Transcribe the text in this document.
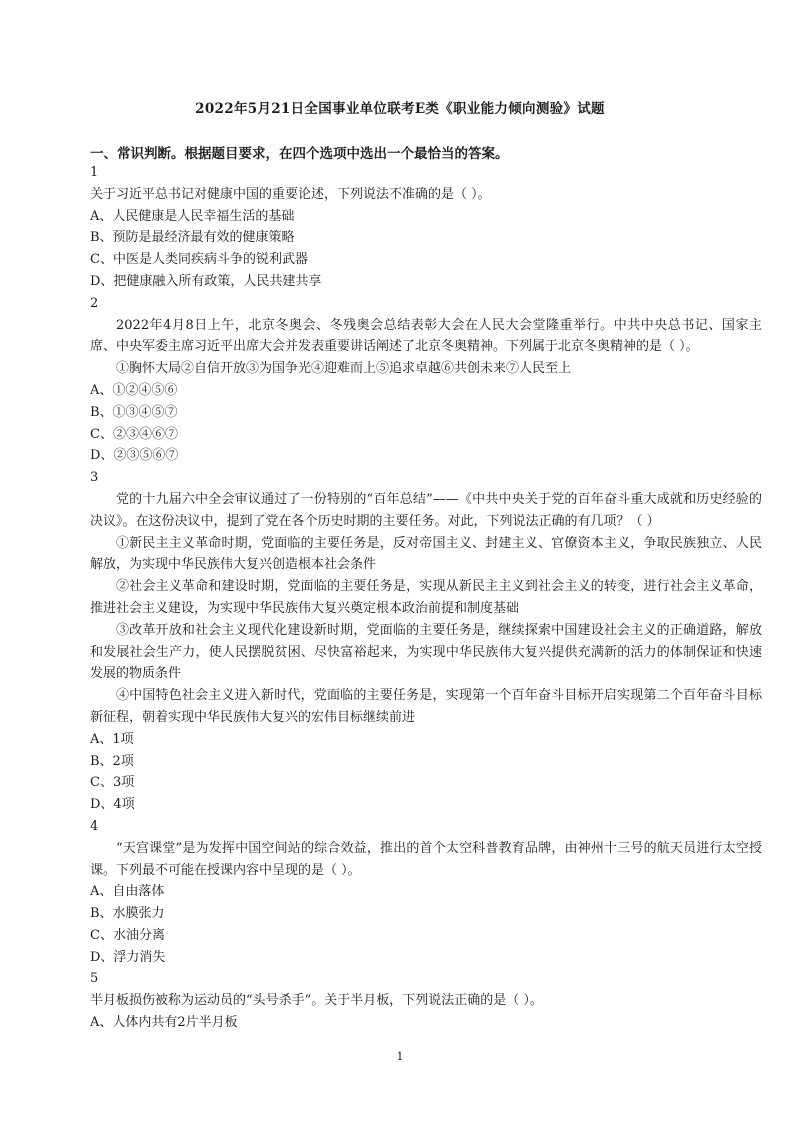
2022年5月21日全国事业单位联考E类《职业能力倾向测验》试题
一、常识判断。根据题目要求，在四个选项中选出一个最恰当的答案。
1
关于习近平总书记对健康中国的重要论述，下列说法不准确的是（ ）。
A、人民健康是人民幸福生活的基础
B、预防是最经济最有效的健康策略
C、中医是人类同疾病斗争的锐利武器
D、把健康融入所有政策，人民共建共享
2
2022年4月8日上午，北京冬奥会、冬残奥会总结表彰大会在人民大会堂隆重举行。中共中央总书记、国家主席、中央军委主席习近平出席大会并发表重要讲话阐述了北京冬奥精神。下列属于北京冬奥精神的是（ ）。
①胸怀大局②自信开放③为国争光④迎难而上⑤追求卓越⑥共创未来⑦人民至上
A、①②④⑤⑥
B、①③④⑤⑦
C、②③④⑥⑦
D、②③⑤⑥⑦
3
党的十九届六中全会审议通过了一份特别的“百年总结”——《中共中央关于党的百年奋斗重大成就和历史经验的决议》。在这份决议中，提到了党在各个历史时期的主要任务。对此，下列说法正确的有几项？（ ）
①新民主主义革命时期，党面临的主要任务是，反对帝国主义、封建主义、官僚资本主义，争取民族独立、人民解放，为实现中华民族伟大复兴创造根本社会条件
②社会主义革命和建设时期，党面临的主要任务是，实现从新民主主义到社会主义的转变，进行社会主义革命，推进社会主义建设，为实现中华民族伟大复兴奠定根本政治前提和制度基础
③改革开放和社会主义现代化建设新时期，党面临的主要任务是，继续探索中国建设社会主义的正确道路，解放和发展社会生产力，使人民摆脱贫困、尽快富裕起来，为实现中华民族伟大复兴提供充满新的活力的体制保证和快速发展的物质条件
④中国特色社会主义进入新时代，党面临的主要任务是，实现第一个百年奋斗目标开启实现第二个百年奋斗目标新征程，朝着实现中华民族伟大复兴的宏伟目标继续前进
A、1项
B、2项
C、3项
D、4项
4
“天宫课堂”是为发挥中国空间站的综合效益，推出的首个太空科普教育品牌，由神州十三号的航天员进行太空授课。下列最不可能在授课内容中呈现的是（ ）。
A、自由落体
B、水膜张力
C、水油分离
D、浮力消失
5
半月板损伤被称为运动员的“头号杀手”。关于半月板，下列说法正确的是（ ）。
A、人体内共有2片半月板
1
